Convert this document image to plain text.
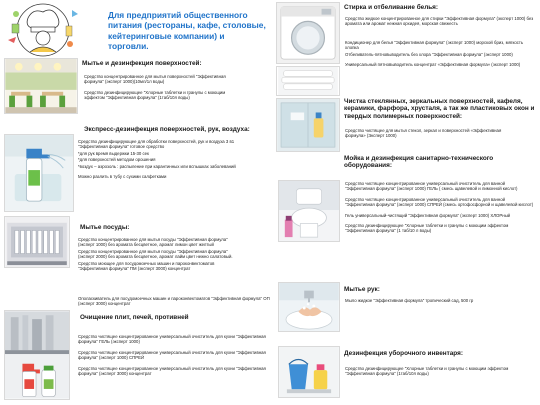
Для предприятий общественного питания (рестораны, кафе, столовые, кейтеринговые компании) и торговли.
Мытье и дезинфекция поверхностей:
Средство концентрированное для мытья поверхностей "Эффективная формула" (эксперт 1000)(10мл/1л воды)
Средство дезинфицирующее "Хлорные таблетки и гранулы с моющим эффектом "Эффективная формула" (1таб/10л воды)
Экспресс-дезинфекция поверхностей, рук, воздуха:
Средство дезинфицирующее для обработки поверхностей, рук и воздуха 3 в1 "Эффективная формула" готовое средство
*для рук время выдержки 15-30 сек
*для поверхностей методом орошения
*воздух – аэрозоль : распыление при карантинных или вспышках заболеваний
Можно разлить в тубу с сухими салфетками
Мытье посуды:
Средство концентрированное для мытья посуды "Эффективная формула" (эксперт 1000) без аромата бесцветное, аромат лимон цвет желтый
Средство концентрированное для мытья посуды "Эффективная формула" (эксперт 2000) без аромата бесцветное, аромат лайм цвет нежно салатовый.
Средство моющее для посудомоечных машин и пароконвектоматов "Эффективная формула" ПМ (эксперт 3000) концентрат
Ополаскиватель для посудомоечных машин и пароконвектоматов "Эффективная формула" ОП (эксперт 3000) концентрат
Очищение плит, печей, противней
Средство чистящее концентрированное универсальный очиститель для кухни "Эффективная формула" ГЕЛЬ (эксперт 1000)
Средство чистящее концентрированное универсальный очиститель для кухни "Эффективная формула" (эксперт 1000) СПРЕЙ
Средство чистящее концентрированное универсальный очиститель для кухни "Эффективная формула" (эксперт 3000) концентрат
Стирка и отбеливание белья:
Средство жидкое концентрированное для стирки "Эффективная формула" (эксперт 1000) без аромата или аромат нежная орхидея, морская свежесть
Кондиционер для белья "Эффективная формула" (эксперт 1000) морской бриз, мягкость хлопка
Отбеливатель-пятновыводитель без хлора "Эффективная формула" (эксперт 1000)
Универсальный пятновыводитель концентрат «Эффективная формула» (эксперт 1000)
Чистка стеклянных, зеркальных поверхностей, кафеля, керамики, фарфора, хрусталя, а так же пластиковых окон и твердых полимерных поверхностей:
Средство чистящее для мытья стекол, зеркал и поверхностей «Эффективная формула» (Эксперт 1000)
Мойка и дезинфекция санитарно-технического оборудования:
Средство чистящее концентрированное универсальный очиститель для ванной "Эффективная формула" (эксперт 1000) ГЕЛЬ ( смесь щавелевой и лимонной кислот)
Средство чистящее концентрированное универсальный очиститель для ванной "Эффективная формула" (эксперт 1000) СПРЕЙ (смесь ортофосфорной и щавелевой кислот)
Гель универсальный-чистящий "Эффективная формула" (эксперт 1000) ХЛОРный
Средство дезинфицирующее "Хлорные таблетки и гранулы с моющим эффектом "Эффективная формула" (1 таб/10 л воды)
Мытье рук:
Мыло жидкое "Эффективная формула" тропический сад, 500 гр
Дезинфекция уборочного инвентаря:
Средство дезинфицирующее "Хлорные таблетки и гранулы с моющим эффектом "Эффективная формула" (1таб/10л воды)
